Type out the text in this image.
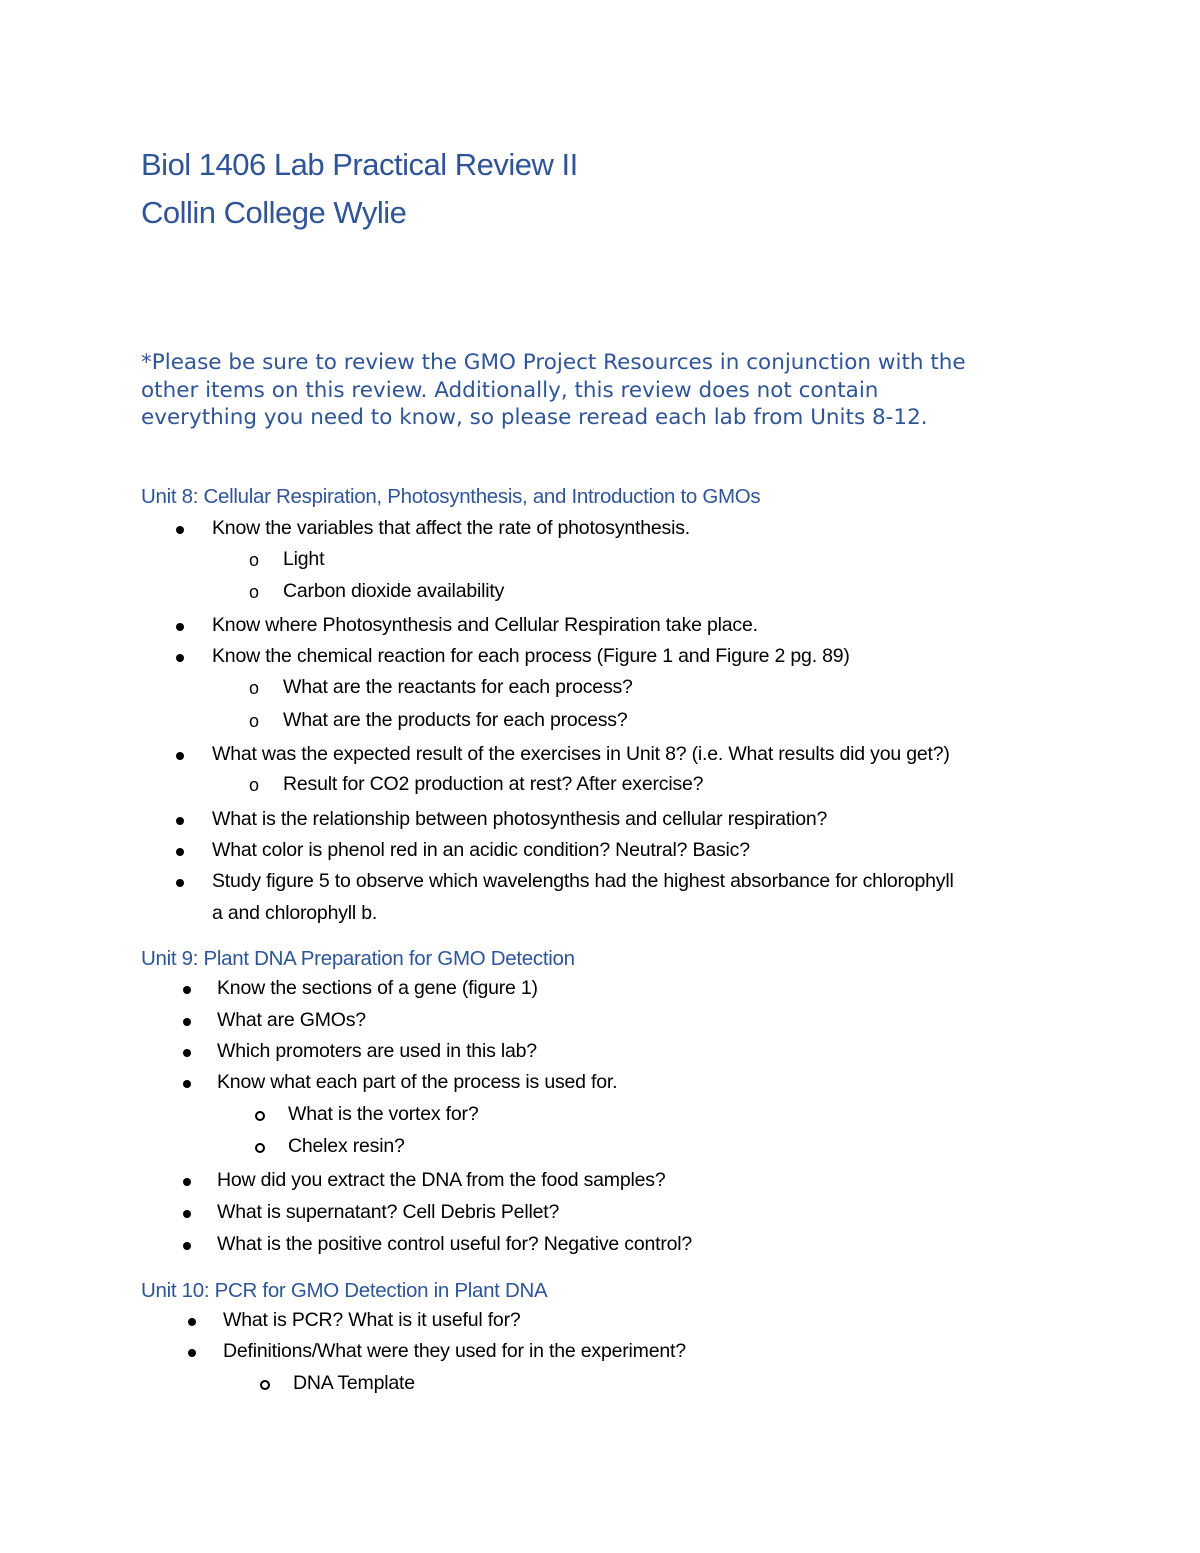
Biol 1406 Lab Practical Review II
Collin College Wylie
*Please be sure to review the GMO Project Resources in conjunction with the
other items on this review. Additionally, this review does not contain
everything you need to know, so please reread each lab from Units 8-12.
Unit 8: Cellular Respiration, Photosynthesis, and Introduction to GMOs
Know the variables that affect the rate of photosynthesis.
o Light
o Carbon dioxide availability
Know where Photosynthesis and Cellular Respiration take place.
Know the chemical reaction for each process (Figure 1 and Figure 2 pg. 89)
o What are the reactants for each process?
o What are the products for each process?
What was the expected result of the exercises in Unit 8? (i.e. What results did you get?)
o Result for CO2 production at rest? After exercise?
What is the relationship between photosynthesis and cellular respiration?
What color is phenol red in an acidic condition? Neutral? Basic?
Study figure 5 to observe which wavelengths had the highest absorbance for chlorophyll
a and chlorophyll b.
Unit 9: Plant DNA Preparation for GMO Detection
Know the sections of a gene (figure 1)
What are GMOs?
Which promoters are used in this lab?
Know what each part of the process is used for.
What is the vortex for?
Chelex resin?
How did you extract the DNA from the food samples?
What is supernatant? Cell Debris Pellet?
What is the positive control useful for? Negative control?
Unit 10: PCR for GMO Detection in Plant DNA
What is PCR? What is it useful for?
Definitions/What were they used for in the experiment?
DNA Template
